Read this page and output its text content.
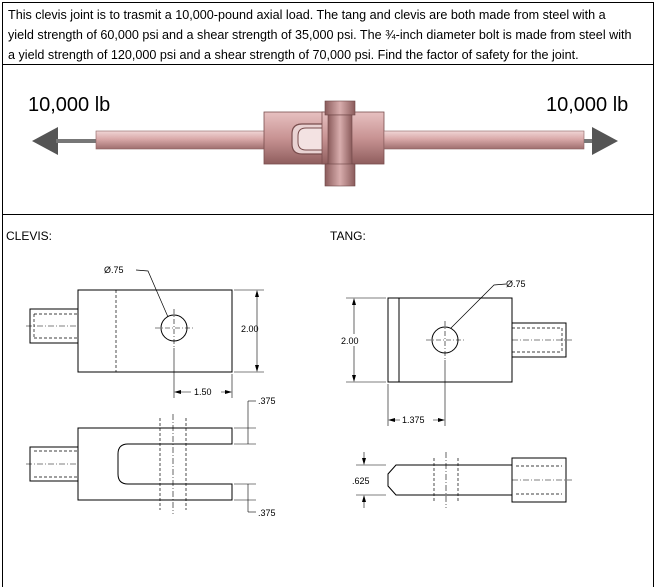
This clevis joint is to trasmit a 10,000-pound axial load. The tang and clevis are both made from steel with a
yield strength of 60,000 psi and a shear strength of 35,000 psi. The ¾-inch diameter bolt is made from steel with
a yield strength of 120,000 psi and a shear strength of 70,000 psi. Find the factor of safety for the joint.
10,000 lb	10,000 lb
CLEVIS:	TANG:
Ø.75
2.00
1.50
.375
.375
Ø.75
2.00
1.375
.625
